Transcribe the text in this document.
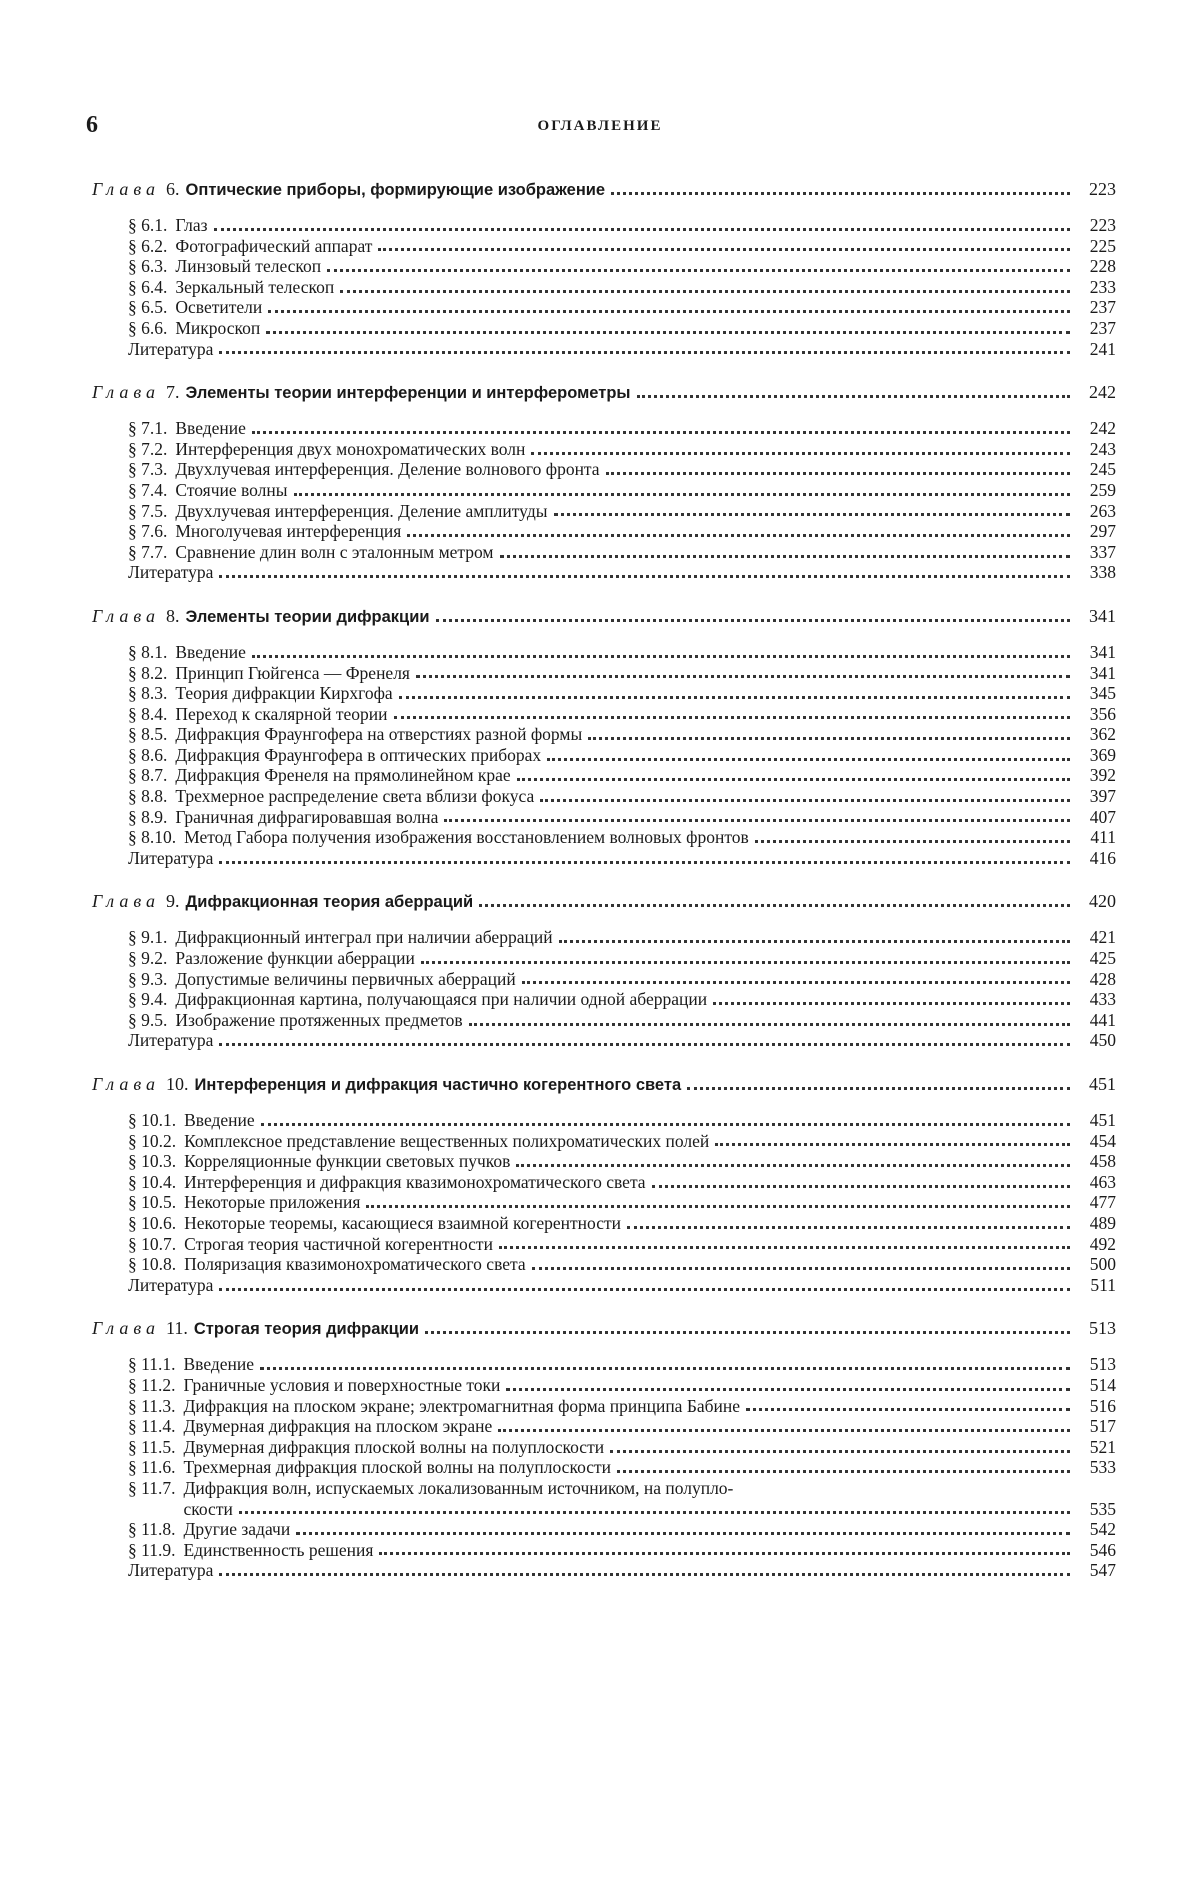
6	ОГЛАВЛЕНИЕ
Глава 6. Оптические приборы, формирующие изображение	223
§ 6.1. Глаз	223
§ 6.2. Фотографический аппарат	225
§ 6.3. Линзовый телескоп	228
§ 6.4. Зеркальный телескоп	233
§ 6.5. Осветители	237
§ 6.6. Микроскоп	237
Литература	241
Глава 7. Элементы теории интерференции и интерферометры	242
§ 7.1. Введение	242
§ 7.2. Интерференция двух монохроматических волн	243
§ 7.3. Двухлучевая интерференция. Деление волнового фронта	245
§ 7.4. Стоячие волны	259
§ 7.5. Двухлучевая интерференция. Деление амплитуды	263
§ 7.6. Многолучевая интерференция	297
§ 7.7. Сравнение длин волн с эталонным метром	337
Литература	338
Глава 8. Элементы теории дифракции	341
§ 8.1. Введение	341
§ 8.2. Принцип Гюйгенса — Френеля	341
§ 8.3. Теория дифракции Кирхгофа	345
§ 8.4. Переход к скалярной теории	356
§ 8.5. Дифракция Фраунгофера на отверстиях разной формы	362
§ 8.6. Дифракция Фраунгофера в оптических приборах	369
§ 8.7. Дифракция Френеля на прямолинейном крае	392
§ 8.8. Трехмерное распределение света вблизи фокуса	397
§ 8.9. Граничная дифрагировавшая волна	407
§ 8.10. Метод Габора получения изображения восстановлением волновых фронтов	411
Литература	416
Глава 9. Дифракционная теория аберраций	420
§ 9.1. Дифракционный интеграл при наличии аберраций	421
§ 9.2. Разложение функции аберрации	425
§ 9.3. Допустимые величины первичных аберраций	428
§ 9.4. Дифракционная картина, получающаяся при наличии одной аберрации	433
§ 9.5. Изображение протяженных предметов	441
Литература	450
Глава 10. Интерференция и дифракция частично когерентного света	451
§ 10.1. Введение	451
§ 10.2. Комплексное представление вещественных полихроматических полей	454
§ 10.3. Корреляционные функции световых пучков	458
§ 10.4. Интерференция и дифракция квазимонохроматического света	463
§ 10.5. Некоторые приложения	477
§ 10.6. Некоторые теоремы, касающиеся взаимной когерентности	489
§ 10.7. Строгая теория частичной когерентности	492
§ 10.8. Поляризация квазимонохроматического света	500
Литература	511
Глава 11. Строгая теория дифракции	513
§ 11.1. Введение	513
§ 11.2. Граничные условия и поверхностные токи	514
§ 11.3. Дифракция на плоском экране; электромагнитная форма принципа Бабине	516
§ 11.4. Двумерная дифракция на плоском экране	517
§ 11.5. Двумерная дифракция плоской волны на полуплоскости	521
§ 11.6. Трехмерная дифракция плоской волны на полуплоскости	533
§ 11.7. Дифракция волн, испускаемых локализованным источником, на полупло-
скости	535
§ 11.8. Другие задачи	542
§ 11.9. Единственность решения	546
Литература	547
